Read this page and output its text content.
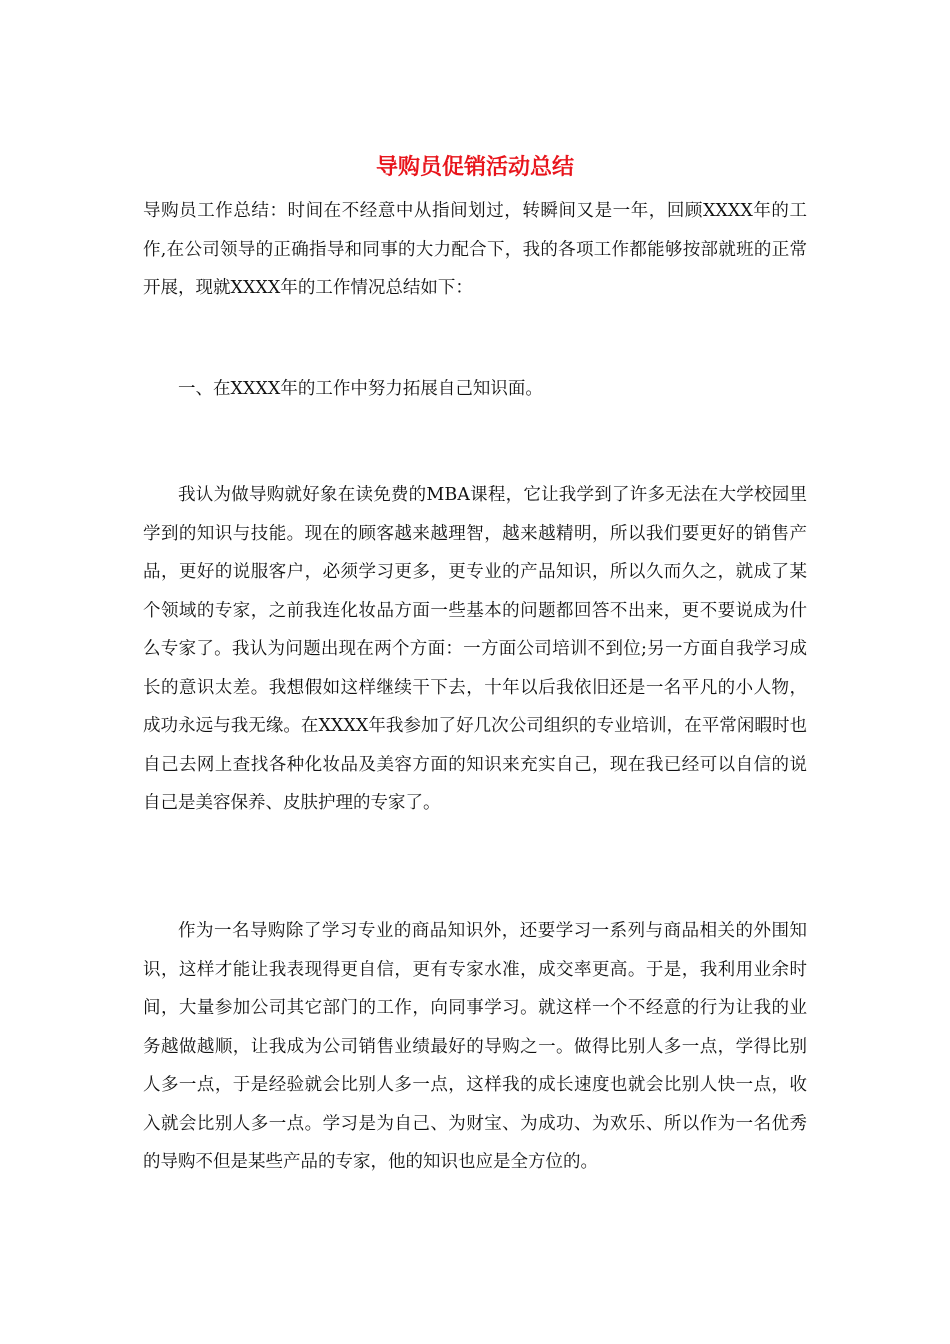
导购员促销活动总结

导购员工作总结：时间在不经意中从指间划过，转瞬间又是一年，回顾XXXX年的工作,在公司领导的正确指导和同事的大力配合下，我的各项工作都能够按部就班的正常开展，现就XXXX年的工作情况总结如下：

一、在XXXX年的工作中努力拓展自己知识面。

我认为做导购就好象在读免费的MBA课程，它让我学到了许多无法在大学校园里学到的知识与技能。现在的顾客越来越理智，越来越精明，所以我们要更好的销售产品，更好的说服客户，必须学习更多，更专业的产品知识，所以久而久之，就成了某个领域的专家，之前我连化妆品方面一些基本的问题都回答不出来，更不要说成为什么专家了。我认为问题出现在两个方面：一方面公司培训不到位;另一方面自我学习成长的意识太差。我想假如这样继续干下去，十年以后我依旧还是一名平凡的小人物，成功永远与我无缘。在XXXX年我参加了好几次公司组织的专业培训，在平常闲暇时也自己去网上查找各种化妆品及美容方面的知识来充实自己，现在我已经可以自信的说自己是美容保养、皮肤护理的专家了。

作为一名导购除了学习专业的商品知识外，还要学习一系列与商品相关的外围知识，这样才能让我表现得更自信，更有专家水准，成交率更高。于是，我利用业余时间，大量参加公司其它部门的工作，向同事学习。就这样一个不经意的行为让我的业务越做越顺，让我成为公司销售业绩最好的导购之一。做得比别人多一点，学得比别人多一点，于是经验就会比别人多一点，这样我的成长速度也就会比别人快一点，收入就会比别人多一点。学习是为自己、为财宝、为成功、为欢乐、所以作为一名优秀的导购不但是某些产品的专家，他的知识也应是全方位的。
